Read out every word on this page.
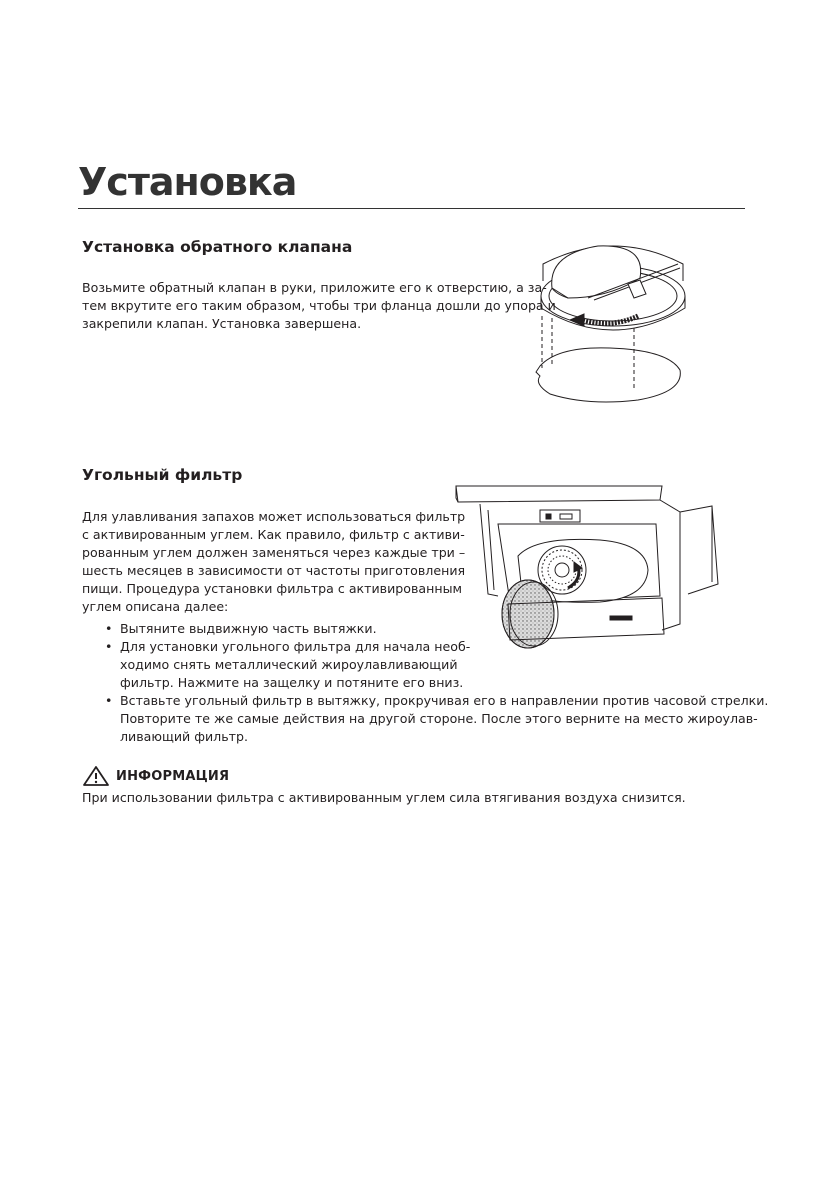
Установка
Установка обратного клапана

Возьмите обратный клапан в руки, приложите его к отверстию, а за-
тем вкрутите его таким образом, чтобы три фланца дошли до упора и
закрепили клапан. Установка завершена.

Угольный фильтр

Для улавливания запахов может использоваться фильтр
с активированным углем. Как правило, фильтр с активи-
рованным углем должен заменяться через каждые три –
шесть месяцев в зависимости от частоты приготовления
пищи. Процедура установки фильтра с активированным
углем описана далее:

• Вытяните выдвижную часть вытяжки.
• Для установки угольного фильтра для начала необ-
ходимо снять металлический жироулавливающий
фильтр. Нажмите на защелку и потяните его вниз.
• Вставьте угольный фильтр в вытяжку, прокручивая его в направлении против часовой стрелки.
Повторите те же самые действия на другой стороне. После этого верните на место жироулав-
ливающий фильтр.
ИНФОРМАЦИЯ

При использовании фильтра с активированным углем сила втягивания воздуха снизится.
